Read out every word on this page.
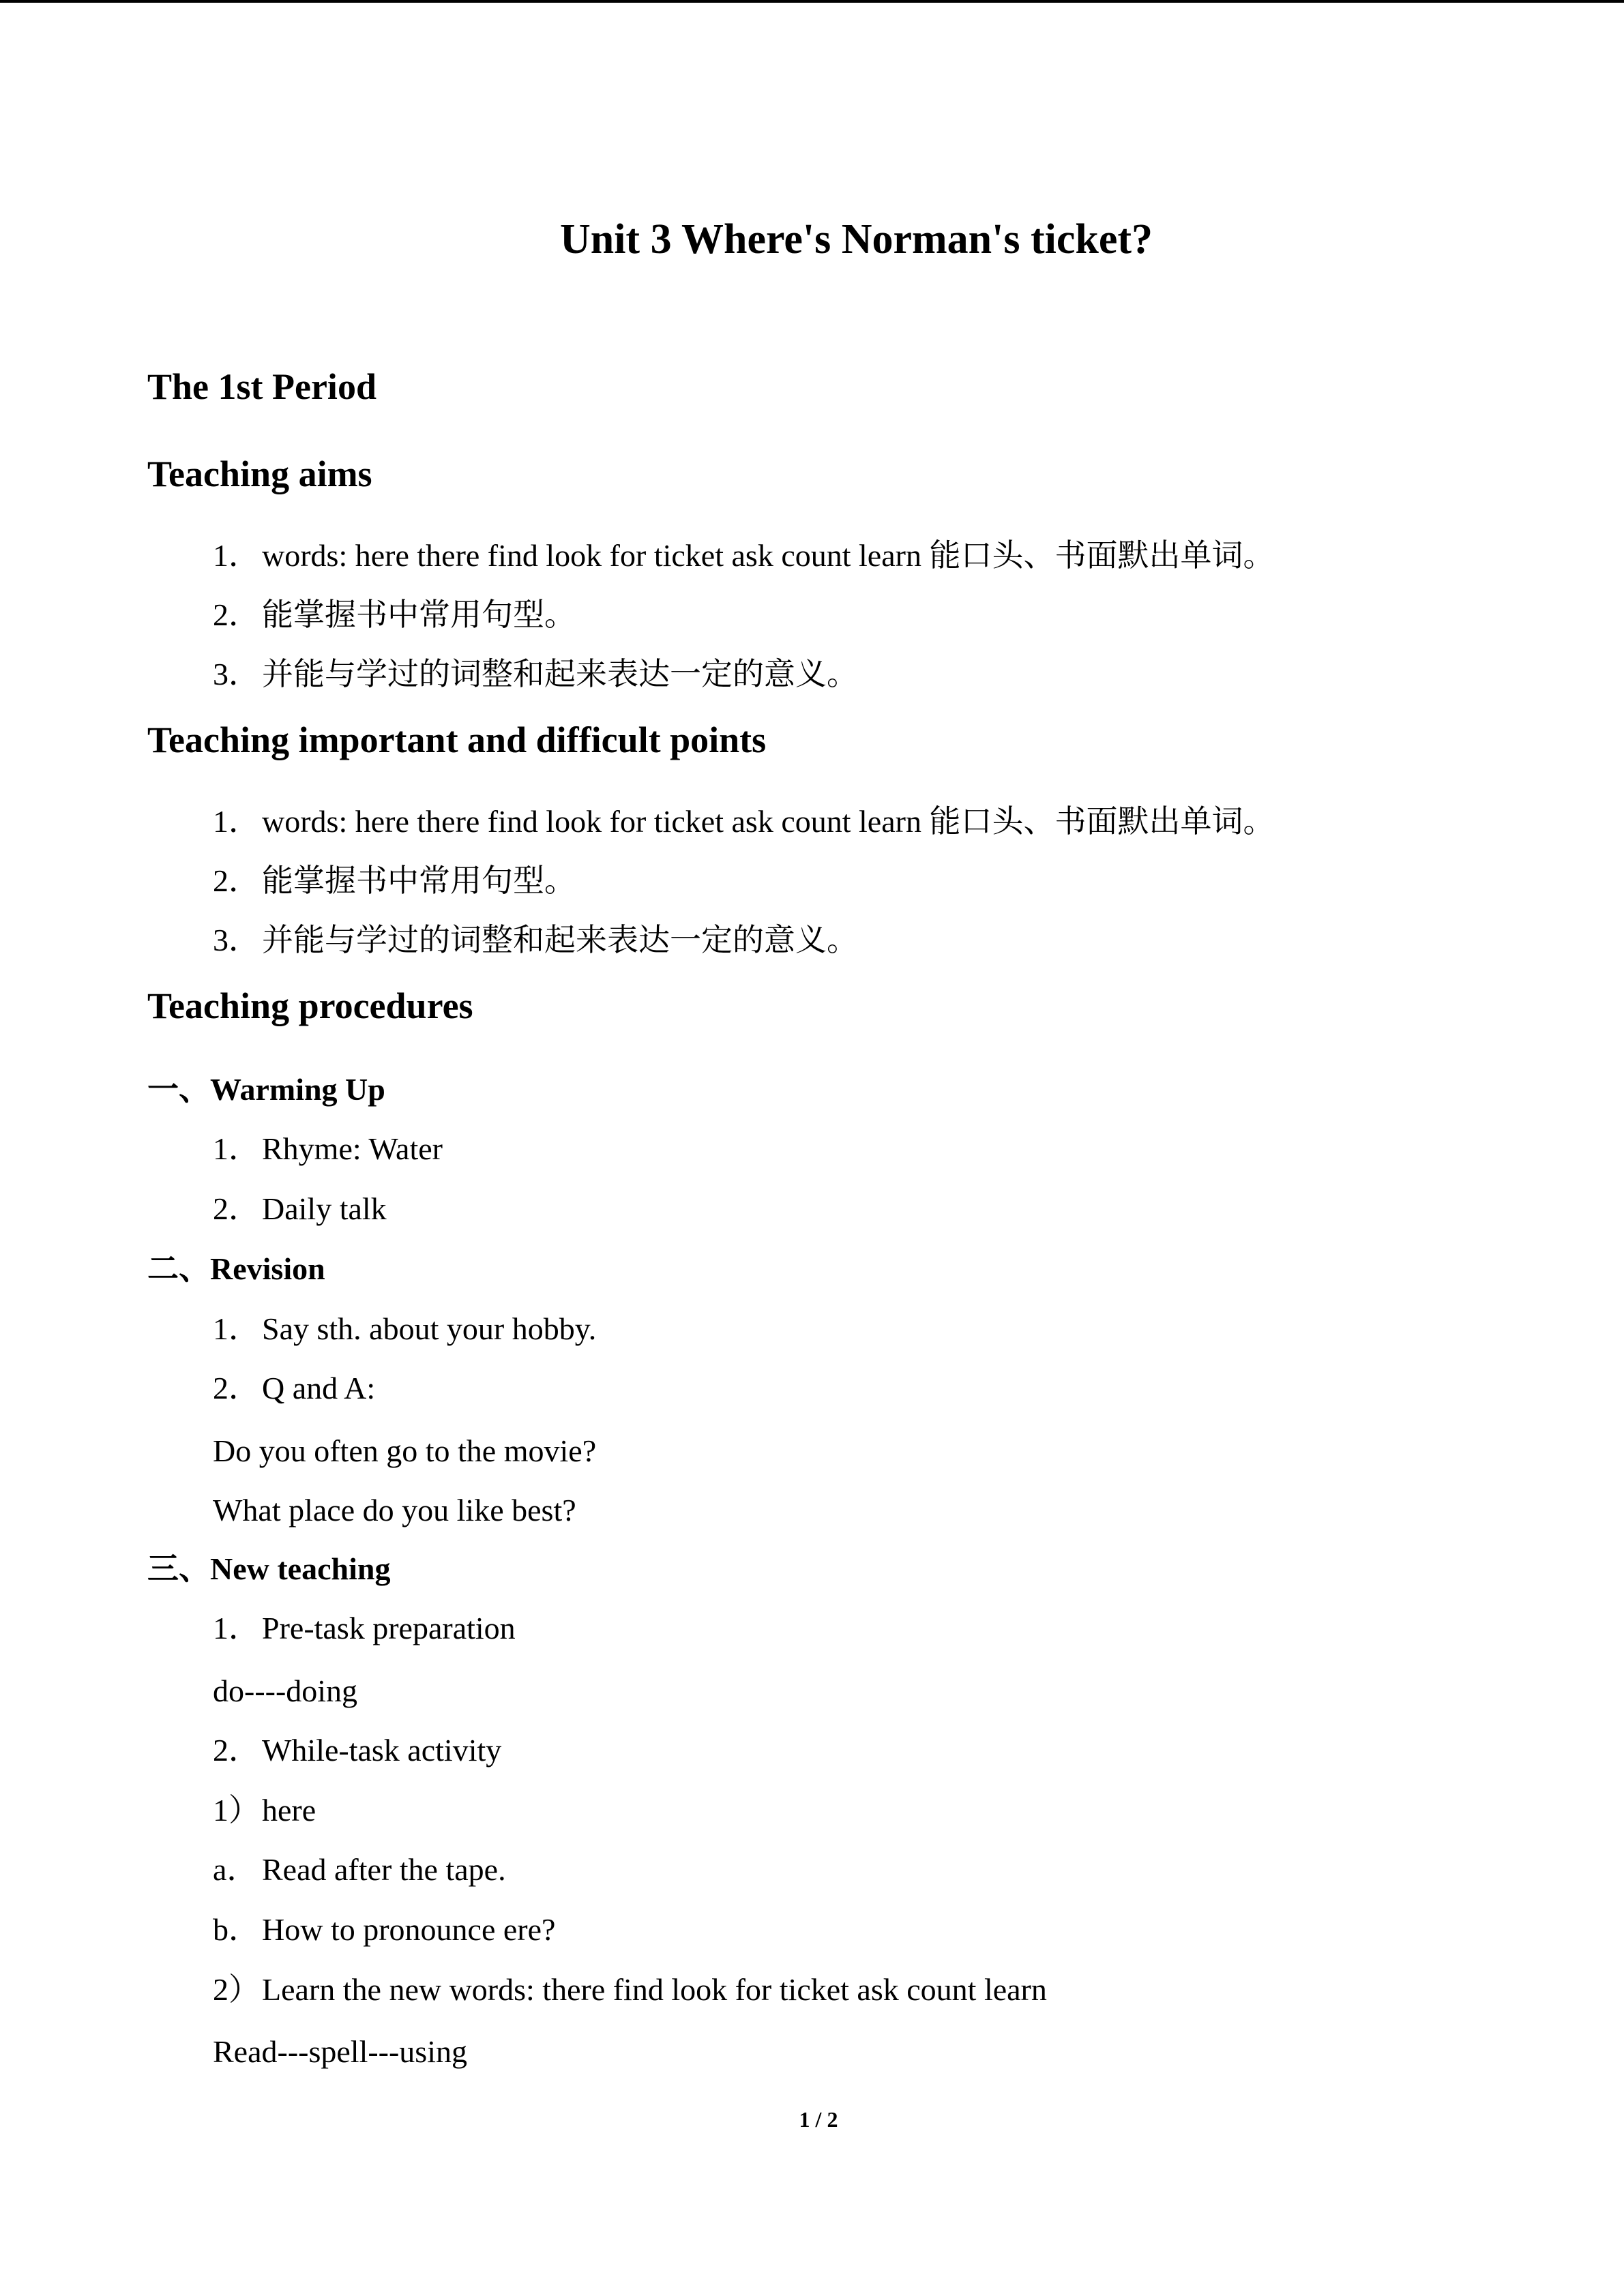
Unit 3 Where's Norman's ticket?
The 1st Period
Teaching aims
1．words: here there find look for ticket ask count learn 能口头、书面默出单词。
2．能掌握书中常用句型。
3．并能与学过的词整和起来表达一定的意义。
Teaching important and difficult points
1．words: here there find look for ticket ask count learn 能口头、书面默出单词。
2．能掌握书中常用句型。
3．并能与学过的词整和起来表达一定的意义。
Teaching procedures
一、Warming Up
1．Rhyme: Water
2．Daily talk
二、Revision
1．Say sth. about your hobby.
2．Q and A:
Do you often go to the movie?
What place do you like best?
三、New teaching
1．Pre-task preparation
do----doing
2．While-task activity
1）here
a． Read after the tape.
b．How to pronounce ere?
2）Learn the new words: there find look for ticket ask count learn
Read---spell---using
1 / 2
